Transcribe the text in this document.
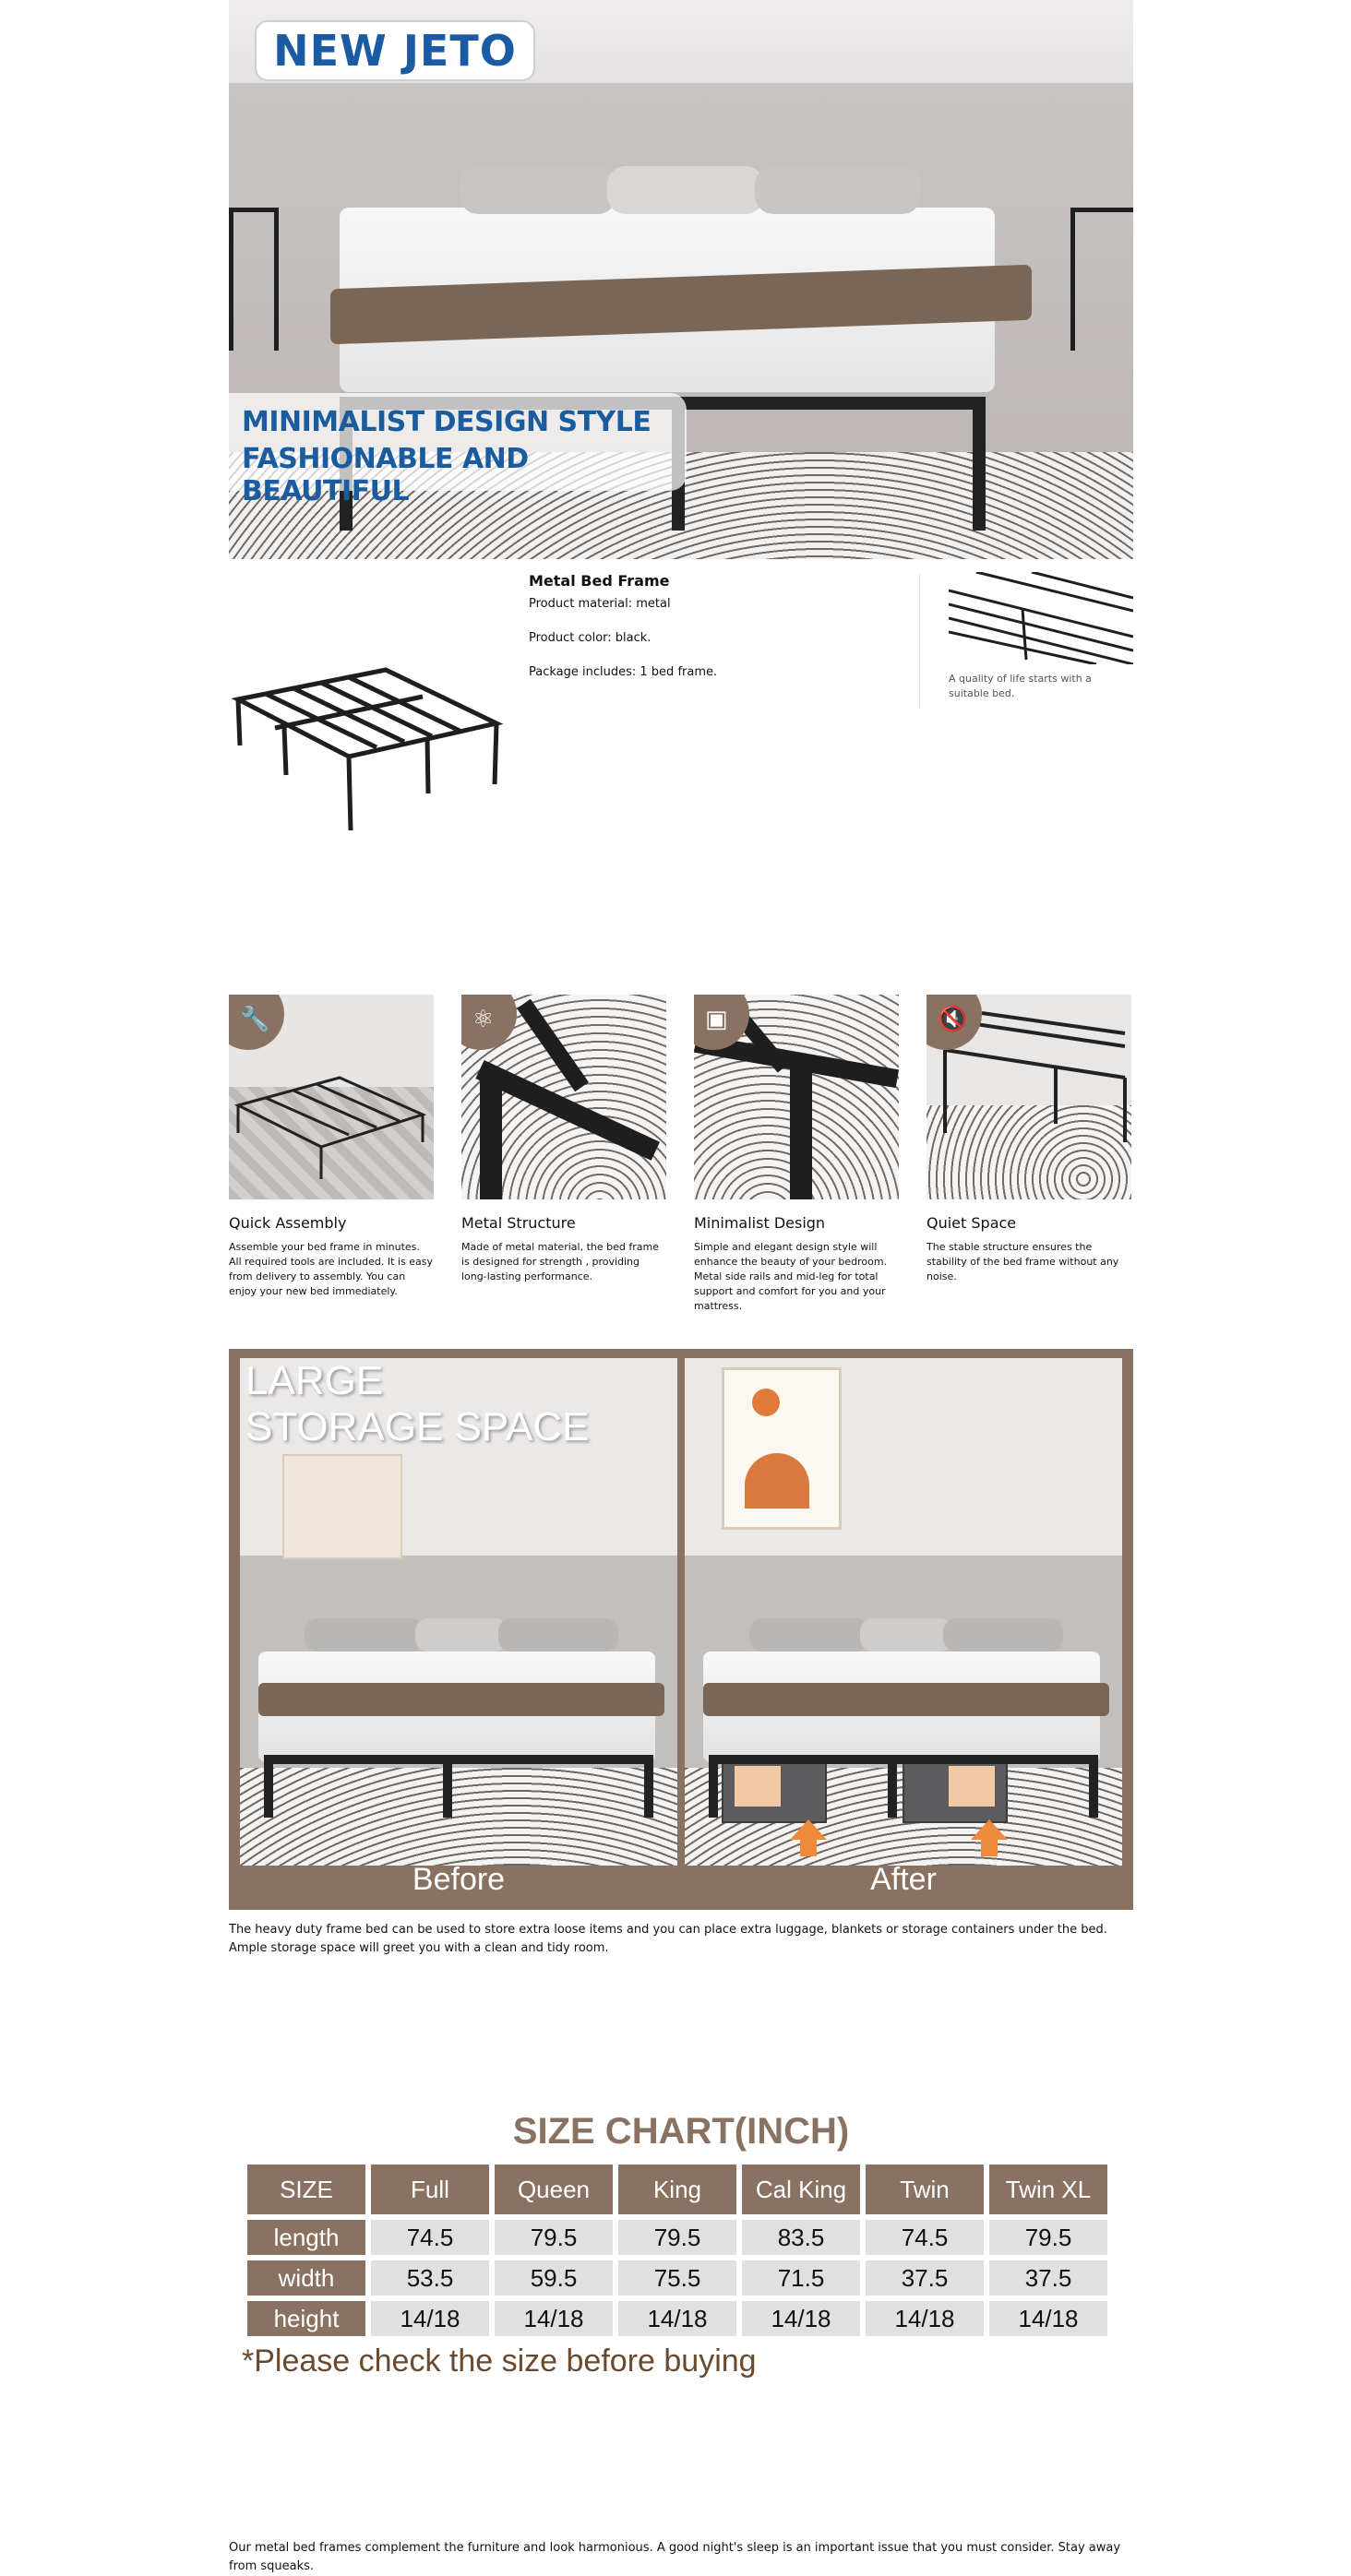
NEW JETO
MINIMALIST DESIGN STYLE
FASHIONABLE AND BEAUTIFUL
Metal Bed Frame

Product material: metal

Product color: black.

Package includes: 1 bed frame.	A quality of life starts with a suitable bed.
🔧	⚛	▣	🔇
Quick Assembly	Metal Structure	Minimalist Design	Quiet Space
Assemble your bed frame in minutes. All required tools are included. It is easy from delivery to assembly. You can enjoy your new bed immediately.
Made of metal material, the bed frame is designed for strength , providing long-lasting performance.
Simple and elegant design style will enhance the beauty of your bedroom. Metal side rails and mid-leg for total support and comfort for you and your mattress.
The stable structure ensures the stability of the bed frame without any noise.
LARGE
STORAGE SPACE
Before	After
The heavy duty frame bed can be used to store extra loose items and you can place extra luggage, blankets or storage containers under the bed. Ample storage space will greet you with a clean and tidy room.
SIZE CHART(INCH)
SIZE	Full	Queen	King	Cal King	Twin	Twin XL
length	74.5	79.5	79.5	83.5	74.5	79.5
width	53.5	59.5	75.5	71.5	37.5	37.5
height	14/18	14/18	14/18	14/18	14/18	14/18
*Please check the size before buying
Our metal bed frames complement the furniture and look harmonious. A good night's sleep is an important issue that you must consider. Stay away from squeaks.
